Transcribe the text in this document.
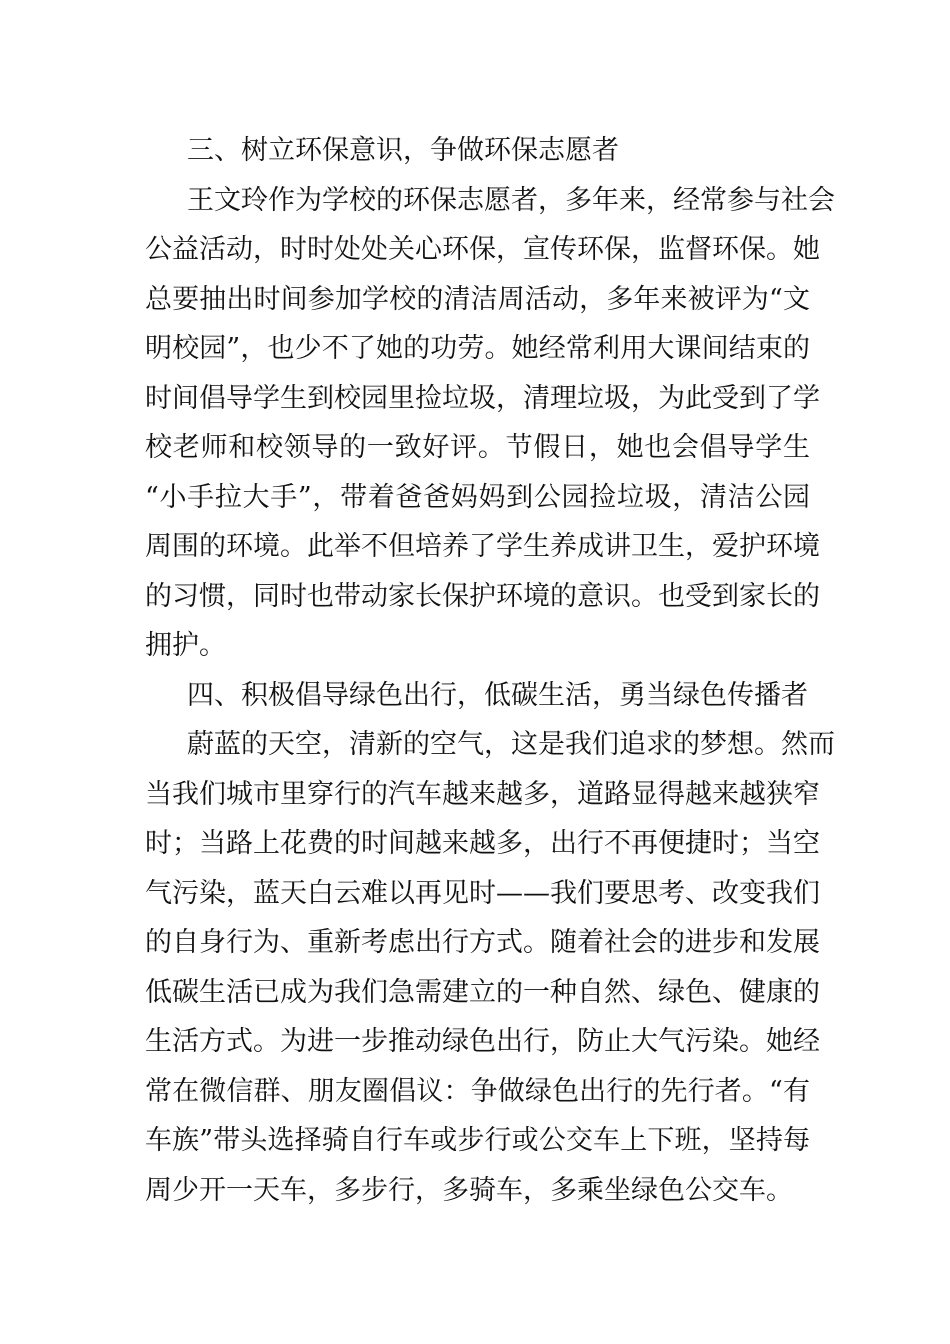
三、树立环保意识，争做环保志愿者
王文玲作为学校的环保志愿者，多年来，经常参与社会
公益活动，时时处处关心环保，宣传环保，监督环保。她
总要抽出时间参加学校的清洁周活动，多年来被评为“文
明校园”，也少不了她的功劳。她经常利用大课间结束的
时间倡导学生到校园里捡垃圾，清理垃圾，为此受到了学
校老师和校领导的一致好评。节假日，她也会倡导学生
“小手拉大手”，带着爸爸妈妈到公园捡垃圾，清洁公园
周围的环境。此举不但培养了学生养成讲卫生，爱护环境
的习惯，同时也带动家长保护环境的意识。也受到家长的
拥护。
四、积极倡导绿色出行，低碳生活，勇当绿色传播者
蔚蓝的天空，清新的空气，这是我们追求的梦想。然而
当我们城市里穿行的汽车越来越多，道路显得越来越狭窄
时；当路上花费的时间越来越多，出行不再便捷时；当空
气污染，蓝天白云难以再见时——我们要思考、改变我们
的自身行为、重新考虑出行方式。随着社会的进步和发展
低碳生活已成为我们急需建立的一种自然、绿色、健康的
生活方式。为进一步推动绿色出行，防止大气污染。她经
常在微信群、朋友圈倡议：争做绿色出行的先行者。“有
车族”带头选择骑自行车或步行或公交车上下班，坚持每
周少开一天车，多步行，多骑车，多乘坐绿色公交车。
